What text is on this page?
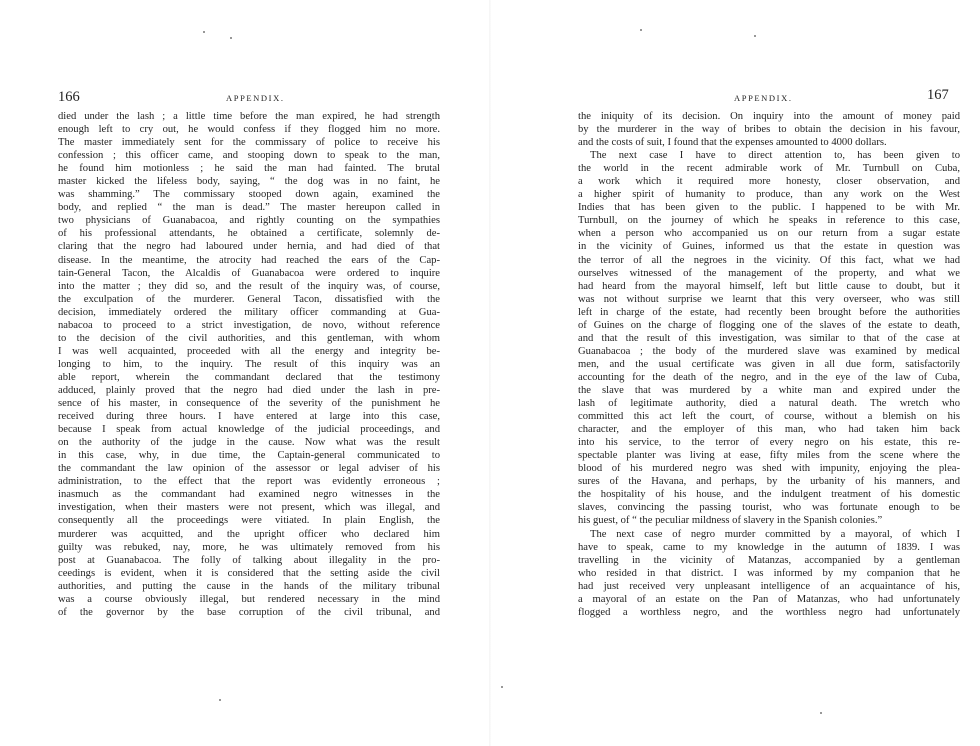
166	APPENDIX.
died under the lash ; a little time before the man expired, he had strength
enough left to cry out, he would confess if they flogged him no more.
The master immediately sent for the commissary of police to receive his
confession ; this officer came, and stooping down to speak to the man,
he found him motionless ; he said the man had fainted. The brutal
master kicked the lifeless body, saying, “ the dog was in no faint, he
was shamming.” The commissary stooped down again, examined the
body, and replied “ the man is dead.” The master hereupon called in
two physicians of Guanabacoa, and rightly counting on the sympathies
of his professional attendants, he obtained a certificate, solemnly de-
claring that the negro had laboured under hernia, and had died of that
disease. In the meantime, the atrocity had reached the ears of the Cap-
tain-General Tacon, the Alcaldis of Guanabacoa were ordered to inquire
into the matter ; they did so, and the result of the inquiry was, of course,
the exculpation of the murderer. General Tacon, dissatisfied with the
decision, immediately ordered the military officer commanding at Gua-
nabacoa to proceed to a strict investigation, de novo, without reference
to the decision of the civil authorities, and this gentleman, with whom
I was well acquainted, proceeded with all the energy and integrity be-
longing to him, to the inquiry. The result of this inquiry was an
able report, wherein the commandant declared that the testimony
adduced, plainly proved that the negro had died under the lash in pre-
sence of his master, in consequence of the severity of the punishment he
received during three hours. I have entered at large into this case,
because I speak from actual knowledge of the judicial proceedings, and
on the authority of the judge in the cause. Now what was the result
in this case, why, in due time, the Captain-general communicated to
the commandant the law opinion of the assessor or legal adviser of his
administration, to the effect that the report was evidently erroneous ;
inasmuch as the commandant had examined negro witnesses in the
investigation, when their masters were not present, which was illegal, and
consequently all the proceedings were vitiated. In plain English, the
murderer was acquitted, and the upright officer who declared him
guilty was rebuked, nay, more, he was ultimately removed from his
post at Guanabacoa. The folly of talking about illegality in the pro-
ceedings is evident, when it is considered that the setting aside the civil
authorities, and putting the cause in the hands of the military tribunal
was a course obviously illegal, but rendered necessary in the mind
of the governor by the base corruption of the civil tribunal, and
APPENDIX.	167
the iniquity of its decision. On inquiry into the amount of money paid
by the murderer in the way of bribes to obtain the decision in his favour,
and the costs of suit, I found that the expenses amounted to 4000 dollars.
The next case I have to direct attention to, has been given to
the world in the recent admirable work of Mr. Turnbull on Cuba,
a work which it required more honesty, closer observation, and
a higher spirit of humanity to produce, than any work on the West
Indies that has been given to the public. I happened to be with Mr.
Turnbull, on the journey of which he speaks in reference to this case,
when a person who accompanied us on our return from a sugar estate
in the vicinity of Guines, informed us that the estate in question was
the terror of all the negroes in the vicinity. Of this fact, what we had
ourselves witnessed of the management of the property, and what we
had heard from the mayoral himself, left but little cause to doubt, but it
was not without surprise we learnt that this very overseer, who was still
left in charge of the estate, had recently been brought before the authorities
of Guines on the charge of flogging one of the slaves of the estate to death,
and that the result of this investigation, was similar to that of the case at
Guanabacoa ; the body of the murdered slave was examined by medical
men, and the usual certificate was given in all due form, satisfactorily
accounting for the death of the negro, and in the eye of the law of Cuba,
the slave that was murdered by a white man and expired under the
lash of legitimate authority, died a natural death. The wretch who
committed this act left the court, of course, without a blemish on his
character, and the employer of this man, who had taken him back
into his service, to the terror of every negro on his estate, this re-
spectable planter was living at ease, fifty miles from the scene where the
blood of his murdered negro was shed with impunity, enjoying the plea-
sures of the Havana, and perhaps, by the urbanity of his manners, and
the hospitality of his house, and the indulgent treatment of his domestic
slaves, convincing the passing tourist, who was fortunate enough to be
his guest, of “ the peculiar mildness of slavery in the Spanish colonies.”
The next case of negro murder committed by a mayoral, of which I
have to speak, came to my knowledge in the autumn of 1839. I was
travelling in the vicinity of Matanzas, accompanied by a gentleman
who resided in that district. I was informed by my companion that he
had just received very unpleasant intelligence of an acquaintance of his,
a mayoral of an estate on the Pan of Matanzas, who had unfortunately
flogged a worthless negro, and the worthless negro had unfortunately
